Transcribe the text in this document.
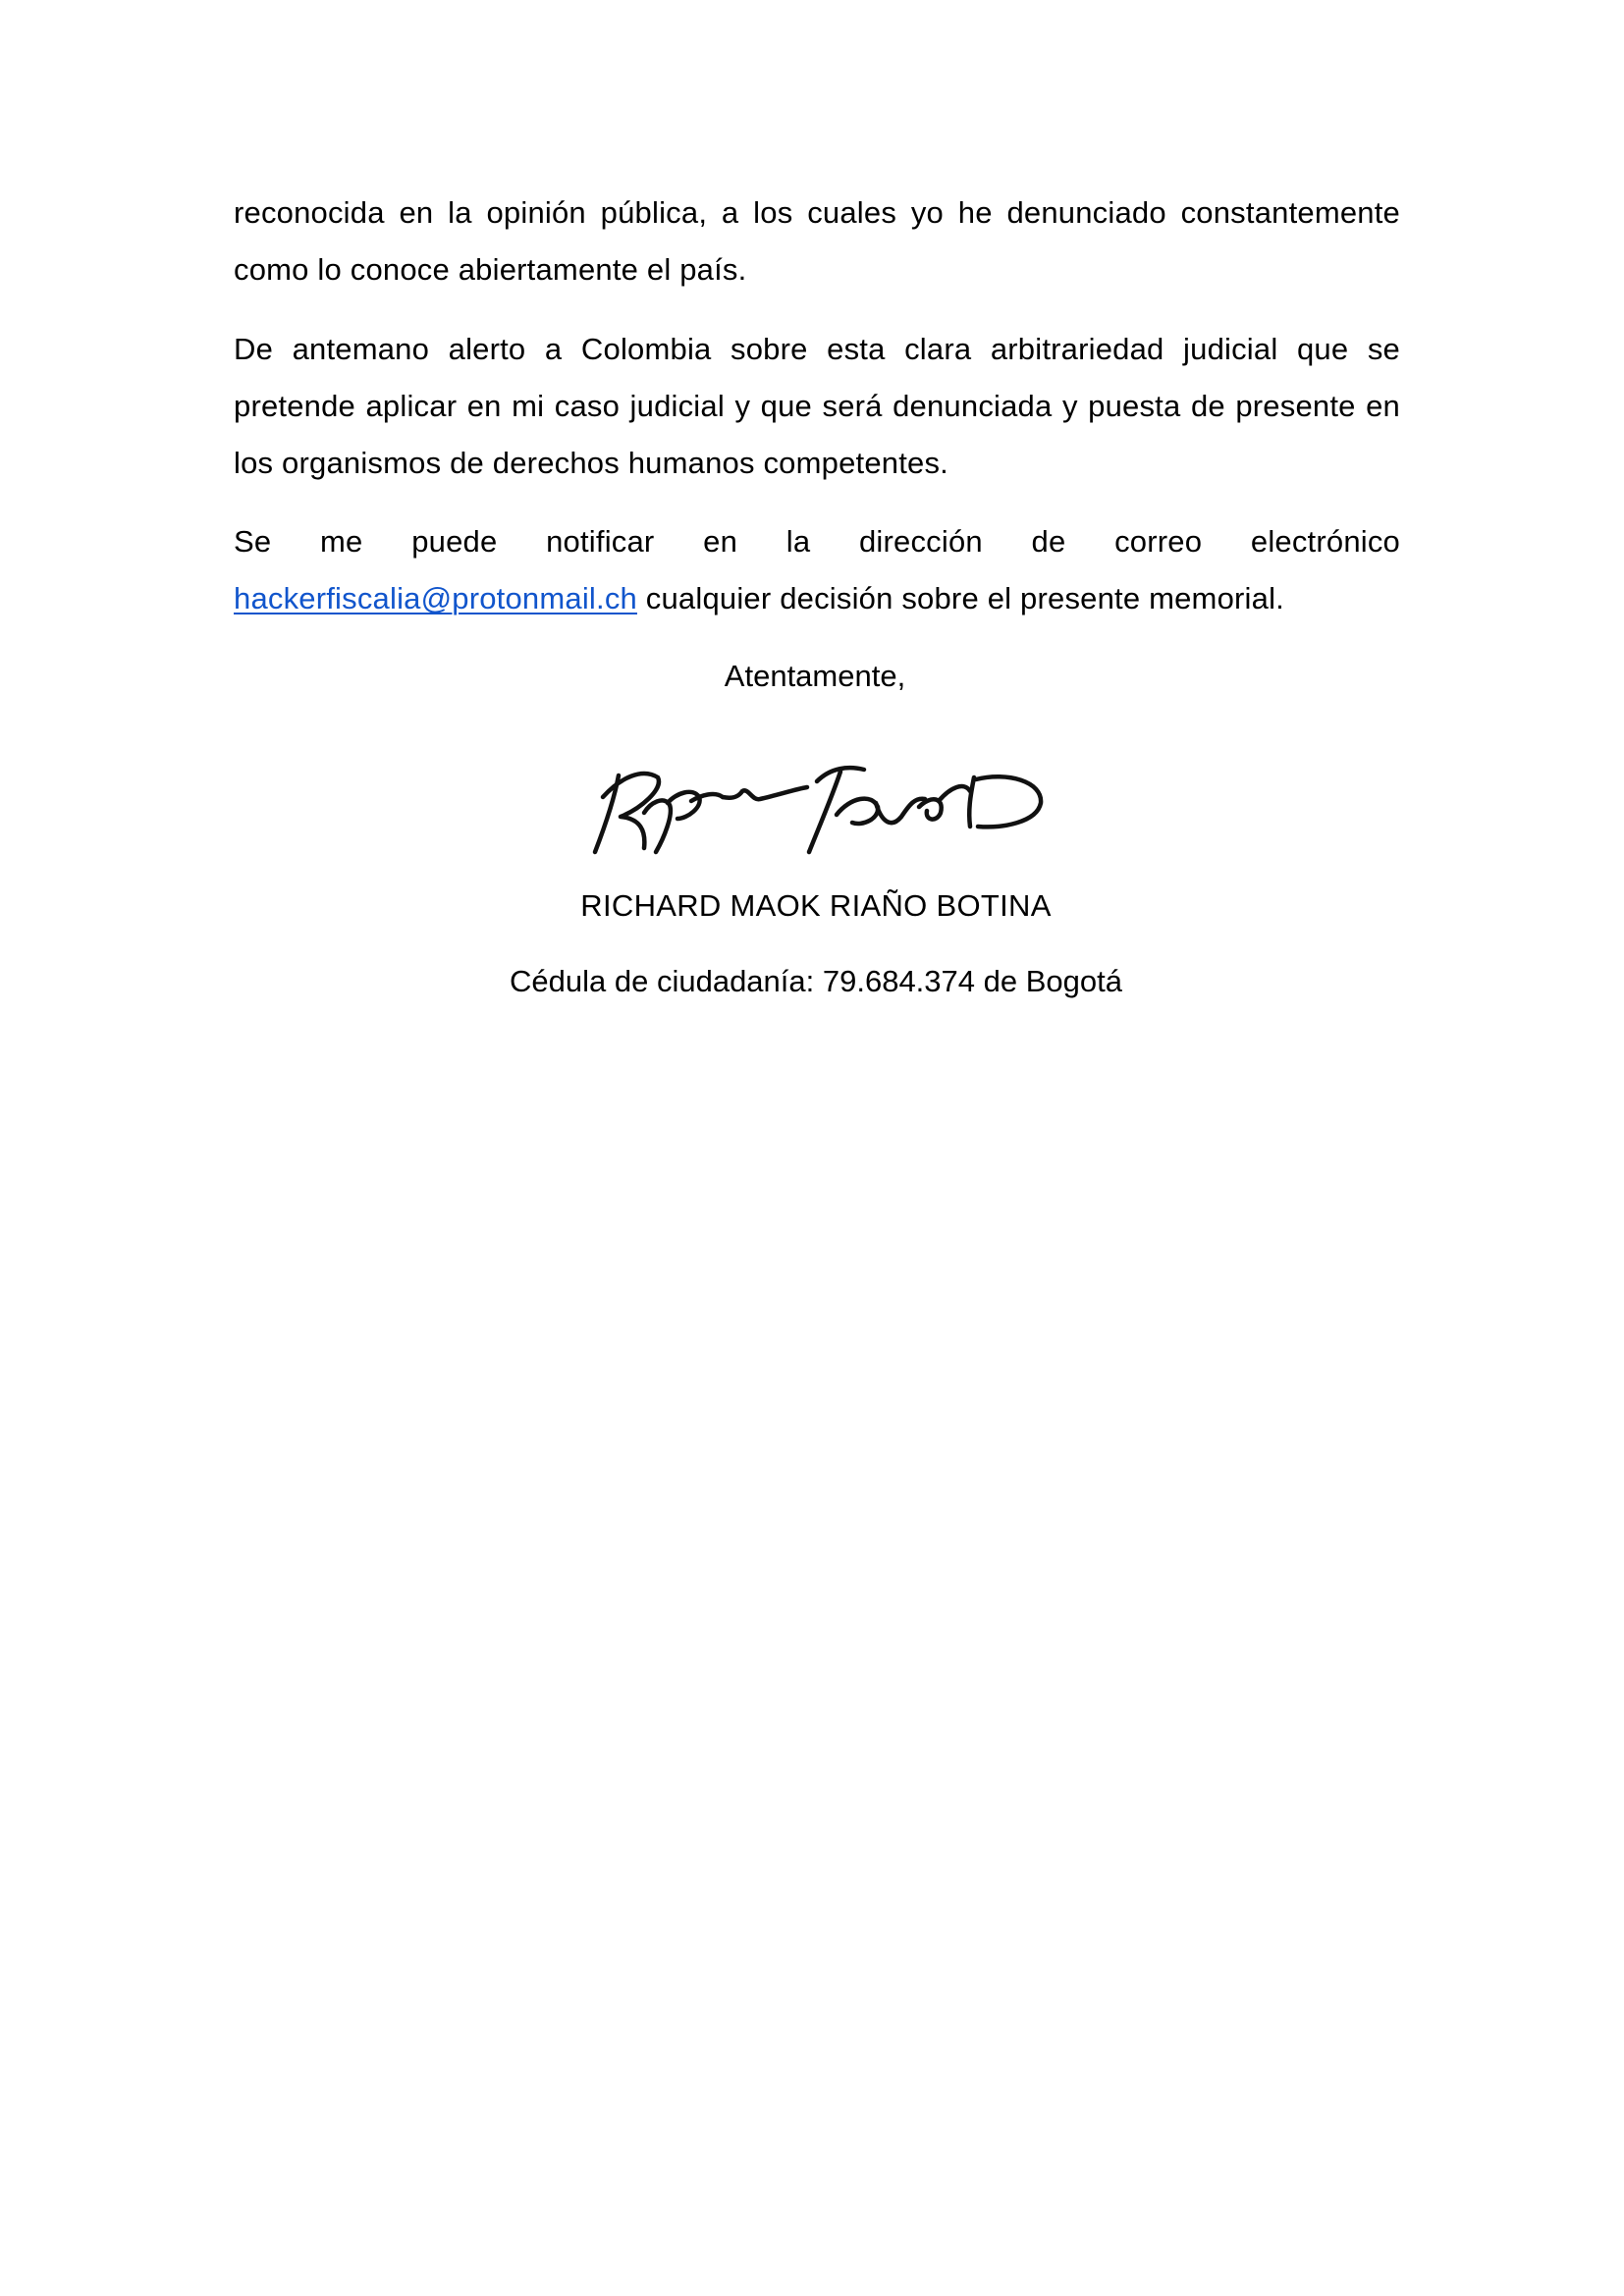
reconocida en la opinión pública, a los cuales yo he denunciado constantemente como lo conoce abiertamente el país.

De antemano alerto a Colombia sobre esta clara arbitrariedad judicial que se pretende aplicar en mi caso judicial y que será denunciada y puesta de presente en los organismos de derechos humanos competentes.

Se me puede notificar en la dirección de correo electrónico hackerfiscalia@protonmail.ch cualquier decisión sobre el presente memorial.

Atentamente,
RICHARD MAOK RIAÑO BOTINA
Cédula de ciudadanía: 79.684.374 de Bogotá
